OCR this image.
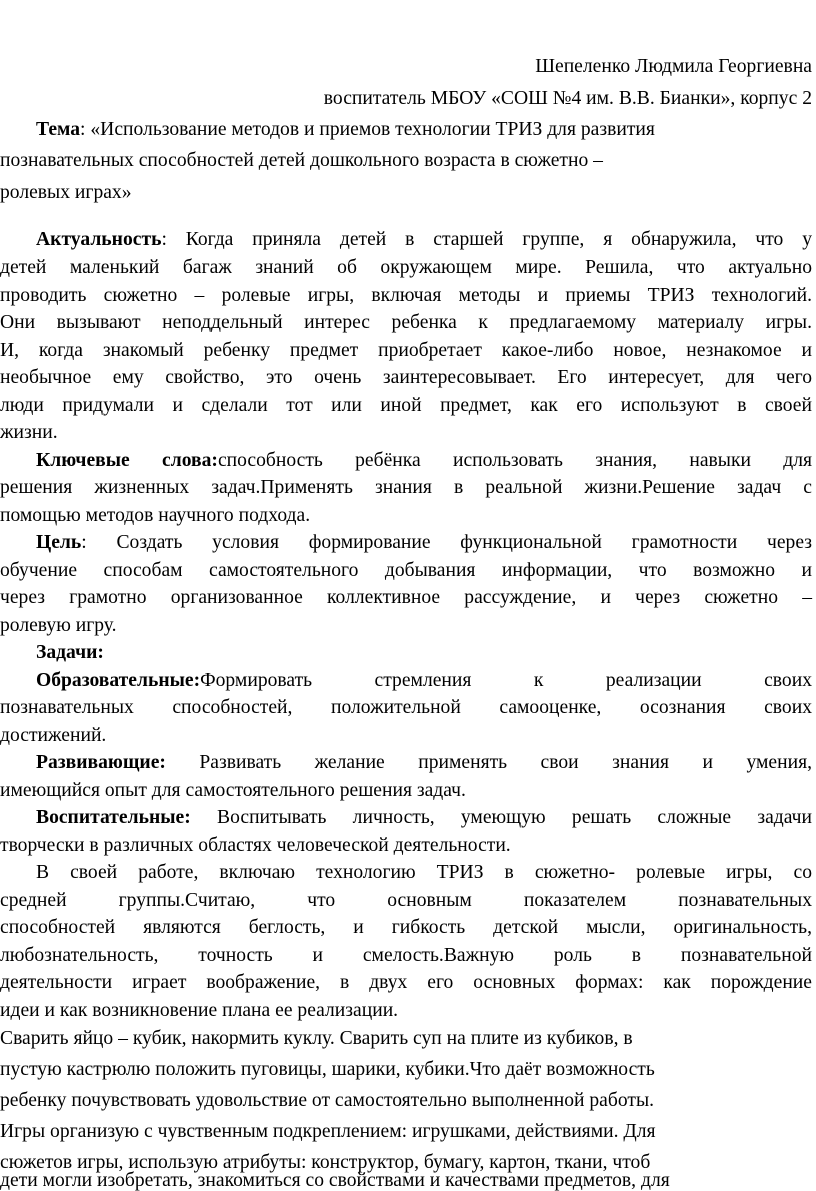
Шепеленко Людмила Георгиевна
воспитатель МБОУ «СОШ №4 им. В.В. Бианки», корпус 2
Тема: «Использование методов и приемов технологии ТРИЗ для развития
познавательных способностей детей дошкольного возраста в сюжетно –
ролевых играх»
Актуальность: Когда приняла детей в старшей группе, я обнаружила, что у
детей маленький багаж знаний об окружающем мире. Решила, что актуально
проводить сюжетно – ролевые игры, включая методы и приемы ТРИЗ технологий.
Они вызывают неподдельный интерес ребенка к предлагаемому материалу игры.
И, когда знакомый ребенку предмет приобретает какое-либо новое, незнакомое и
необычное ему свойство, это очень заинтересовывает. Его интересует, для чего
люди придумали и сделали тот или иной предмет, как его используют в своей
жизни.
Ключевые слова:способность ребёнка использовать знания, навыки для
решения жизненных задач.Применять знания в реальной жизни.Решение задач с
помощью методов научного подхода.
Цель: Создать условия формирование функциональной грамотности через
обучение способам самостоятельного добывания информации, что возможно и
через грамотно организованное коллективное рассуждение, и через сюжетно –
ролевую игру.
Задачи:
Образовательные:Формировать стремления к реализации своих
познавательных способностей, положительной самооценке, осознания своих
достижений.
Развивающие: Развивать желание применять свои знания и умения,
имеющийся опыт для самостоятельного решения задач.
Воспитательные: Воспитывать личность, умеющую решать сложные задачи
творчески в различных областях человеческой деятельности.
В своей работе, включаю технологию ТРИЗ в сюжетно- ролевые игры, со
средней группы.Считаю, что основным показателем познавательных
способностей являются беглость, и гибкость детской мысли, оригинальность,
любознательность, точность и смелость.Важную роль в познавательной
деятельности играет воображение, в двух его основных формах: как порождение
идеи и как возникновение плана ее реализации.
Сварить яйцо – кубик, накормить куклу. Сварить суп на плите из кубиков, в
пустую кастрюлю положить пуговицы, шарики, кубики.Что даёт возможность
ребенку почувствовать удовольствие от самостоятельно выполненной работы.
Игры организую с чувственным подкреплением: игрушками, действиями. Для
сюжетов игры, использую атрибуты: конструктор, бумагу, картон, ткани, чтоб
дети могли изобретать, знакомиться со свойствами и качествами предметов, для
